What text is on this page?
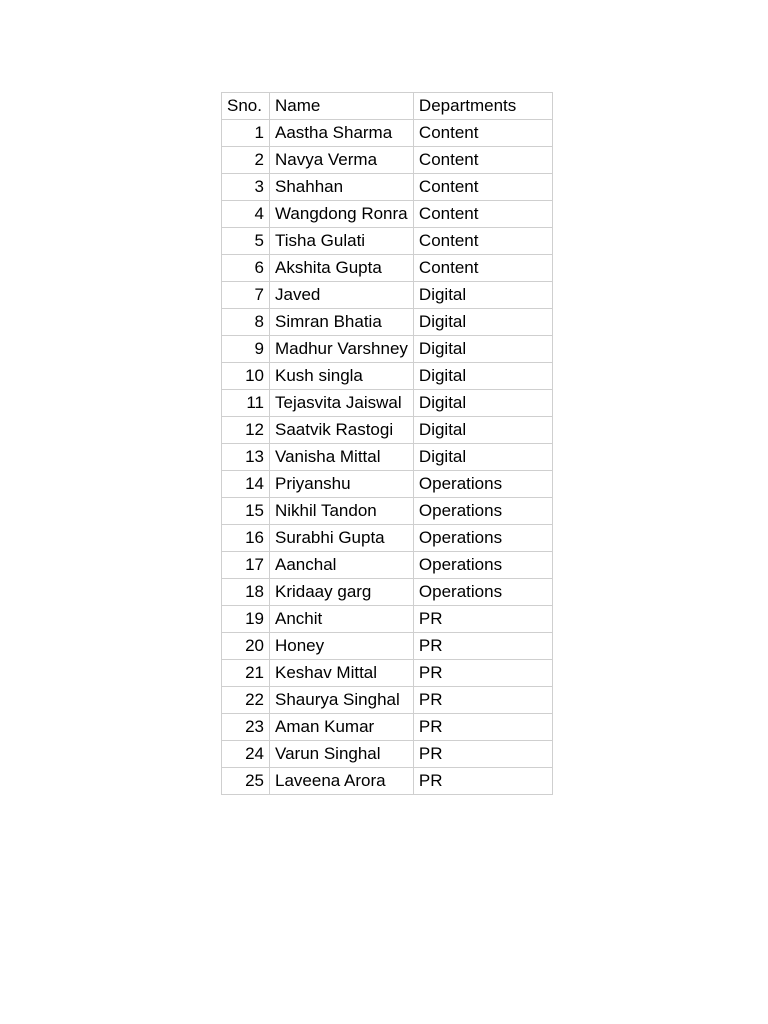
Sno.	Name	Departments
1	Aastha Sharma	Content
2	Navya Verma	Content
3	Shahhan	Content
4	Wangdong Ronra	Content
5	Tisha Gulati	Content
6	Akshita Gupta	Content
7	Javed	Digital
8	Simran Bhatia	Digital
9	Madhur Varshney	Digital
10	Kush singla	Digital
11	Tejasvita Jaiswal	Digital
12	Saatvik Rastogi	Digital
13	Vanisha Mittal	Digital
14	Priyanshu	Operations
15	Nikhil Tandon	Operations
16	Surabhi Gupta	Operations
17	Aanchal	Operations
18	Kridaay garg	Operations
19	Anchit	PR
20	Honey	PR
21	Keshav Mittal	PR
22	Shaurya Singhal	PR
23	Aman Kumar	PR
24	Varun Singhal	PR
25	Laveena Arora	PR
